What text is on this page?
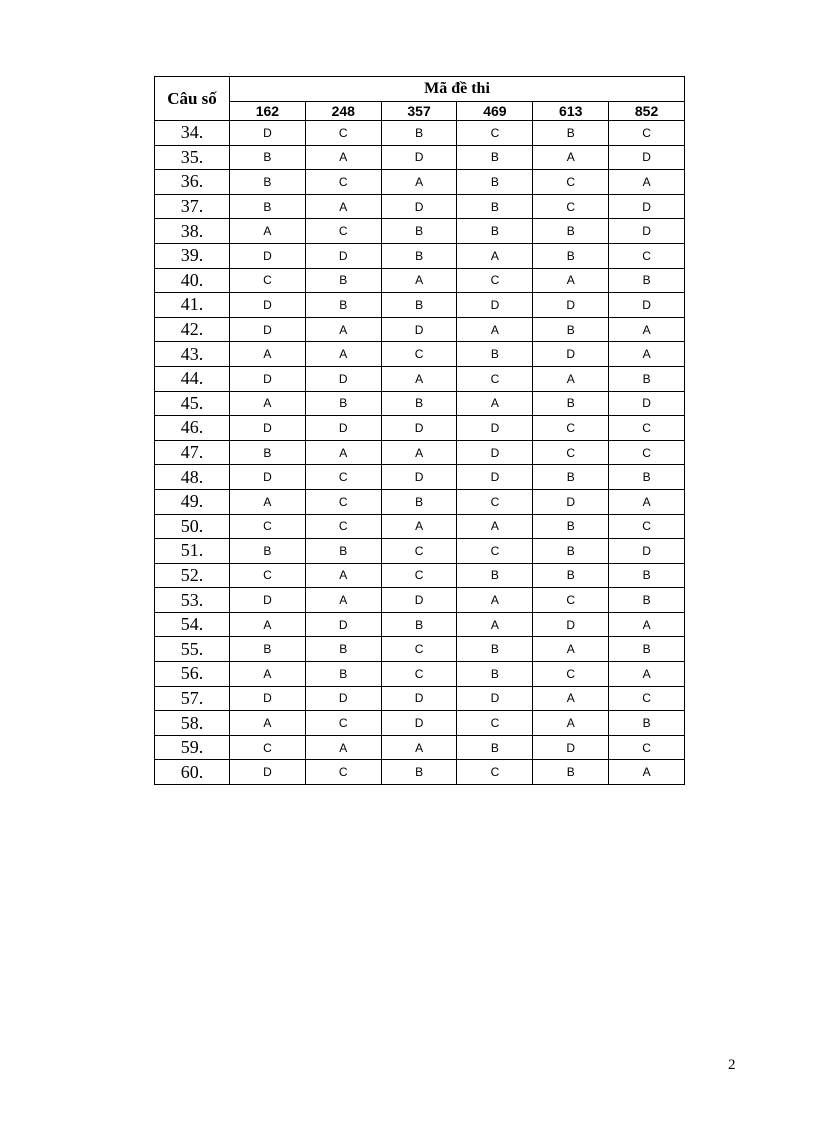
Câu số	Mã đề thi					
	162	248	357	469	613	852
34.	D	C	B	C	B	C
35.	B	A	D	B	A	D
36.	B	C	A	B	C	A
37.	B	A	D	B	C	D
38.	A	C	B	B	B	D
39.	D	D	B	A	B	C
40.	C	B	A	C	A	B
41.	D	B	B	D	D	D
42.	D	A	D	A	B	A
43.	A	A	C	B	D	A
44.	D	D	A	C	A	B
45.	A	B	B	A	B	D
46.	D	D	D	D	C	C
47.	B	A	A	D	C	C
48.	D	C	D	D	B	B
49.	A	C	B	C	D	A
50.	C	C	A	A	B	C
51.	B	B	C	C	B	D
52.	C	A	C	B	B	B
53.	D	A	D	A	C	B
54.	A	D	B	A	D	A
55.	B	B	C	B	A	B
56.	A	B	C	B	C	A
57.	D	D	D	D	A	C
58.	A	C	D	C	A	B
59.	C	A	A	B	D	C
60.	D	C	B	C	B	A
2
